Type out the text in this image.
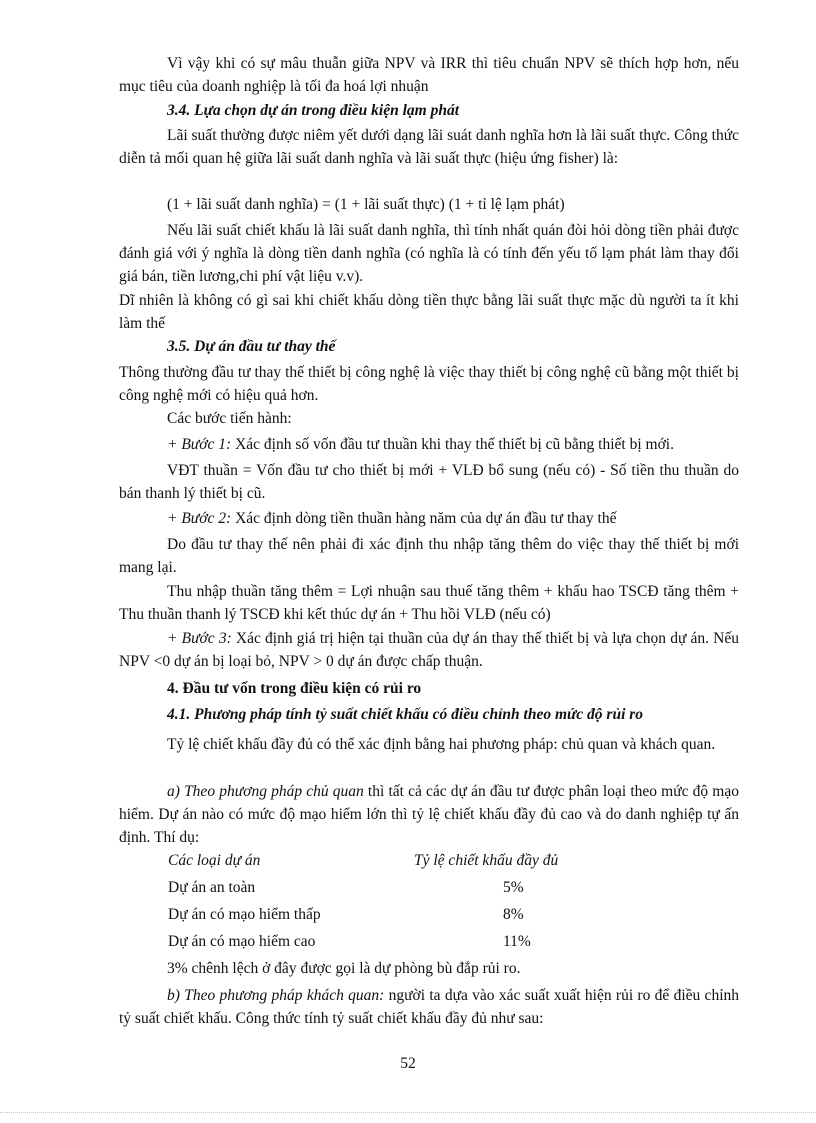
Vì vậy khi có sự mâu thuẫn giữa NPV và IRR thì tiêu chuẩn NPV sẽ thích hợp hơn, nếu mục tiêu của doanh nghiệp là tối đa hoá lợi nhuận

3.4. Lựa chọn dự án trong điều kiện lạm phát

Lãi suất thường được niêm yết dưới dạng lãi suát danh nghĩa hơn là lãi suất thực. Công thức diễn tả mối quan hệ giữa lãi suất danh nghĩa và lãi suất thực (hiệu ứng fisher) là:

(1 + lãi suất danh nghĩa) = (1 + lãi suất thực) (1 + tỉ lệ lạm phát)

Nếu lãi suất chiết khấu là lãi suất danh nghĩa, thì tính nhất quán đòi hỏi dòng tiền phải được đánh giá với ý nghĩa là dòng tiền danh nghĩa (có nghĩa là có tính đến yếu tố lạm phát làm thay đổi giá bán, tiền lương,chi phí vật liệu v.v).

Dĩ nhiên là không có gì sai khi chiết khấu dòng tiền thực bằng lãi suất thực mặc dù người ta ít khi làm thế

3.5. Dự án đầu tư thay thế

Thông thường đầu tư thay thế thiết bị công nghệ là việc thay thiết bị công nghệ cũ bằng một thiết bị công nghệ mới có hiệu quả hơn.

Các bước tiến hành:

+ Bước 1: Xác định số vốn đầu tư thuần khi thay thế thiết bị cũ bằng thiết bị mới.

VĐT thuần = Vốn đầu tư cho thiết bị mới + VLĐ bổ sung (nếu có) - Số tiền thu thuần do bán thanh lý thiết bị cũ.

+ Bước 2: Xác định dòng tiền thuần hàng năm của dự án đầu tư thay thế

Do đầu tư thay thế nên phải đi xác định thu nhập tăng thêm do việc thay thế thiết bị mới mang lại.

Thu nhập thuần tăng thêm = Lợi nhuận sau thuế tăng thêm + khấu hao TSCĐ tăng thêm + Thu thuần thanh lý TSCĐ khi kết thúc dự án + Thu hồi VLĐ (nếu có)

+ Bước 3: Xác định giá trị hiện tại thuần của dự án thay thế thiết bị và lựa chọn dự án. Nếu NPV <0 dự án bị loại bỏ, NPV > 0 dự án được chấp thuận.

4. Đầu tư vốn trong điều kiện có rủi ro

4.1. Phương pháp tính tỷ suất chiết khấu có điều chỉnh theo mức độ rủi ro

Tỷ lệ chiết khấu đầy đủ có thể xác định bằng hai phương pháp: chủ quan và khách quan.

a) Theo phương pháp chủ quan thì tất cả các dự án đầu tư được phân loại theo mức độ mạo hiểm. Dự án nào có mức độ mạo hiểm lớn thì tỷ lệ chiết khấu đầy đủ cao và do danh nghiệp tự ấn định. Thí dụ:

Các loại dự án	Tỷ lệ chiết khấu đầy đủ
Dự án an toàn	5%
Dự án có mạo hiểm thấp	8%
Dự án có mạo hiểm cao	11%

3% chênh lệch ở đây được gọi là dự phòng bù đắp rủi ro.

b) Theo phương pháp khách quan: người ta dựa vào xác suất xuất hiện rủi ro để điều chỉnh tỷ suất chiết khấu. Công thức tính tỷ suất chiết khấu đầy đủ như sau:

52
